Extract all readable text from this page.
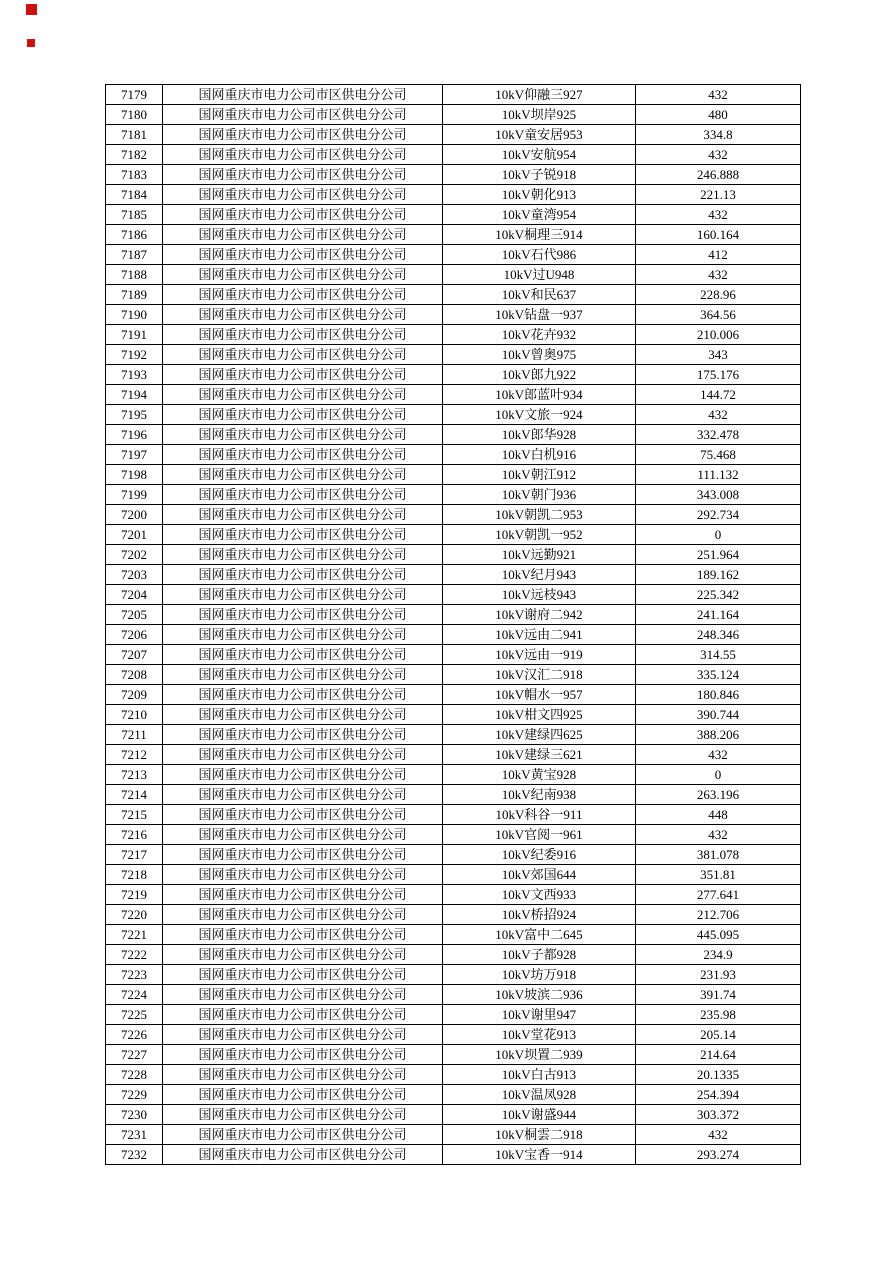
7179	国网重庆市电力公司市区供电分公司	10kV仰融三927	432
7180	国网重庆市电力公司市区供电分公司	10kV坝岸925	480
7181	国网重庆市电力公司市区供电分公司	10kV童安居953	334.8
7182	国网重庆市电力公司市区供电分公司	10kV安航954	432
7183	国网重庆市电力公司市区供电分公司	10kV子锐918	246.888
7184	国网重庆市电力公司市区供电分公司	10kV朝化913	221.13
7185	国网重庆市电力公司市区供电分公司	10kV童湾954	432
7186	国网重庆市电力公司市区供电分公司	10kV桐理三914	160.164
7187	国网重庆市电力公司市区供电分公司	10kV石代986	412
7188	国网重庆市电力公司市区供电分公司	10kV过U948	432
7189	国网重庆市电力公司市区供电分公司	10kV和民637	228.96
7190	国网重庆市电力公司市区供电分公司	10kV钻盘一937	364.56
7191	国网重庆市电力公司市区供电分公司	10kV花卉932	210.006
7192	国网重庆市电力公司市区供电分公司	10kV曾奥975	343
7193	国网重庆市电力公司市区供电分公司	10kV郎九922	175.176
7194	国网重庆市电力公司市区供电分公司	10kV郎蓝叶934	144.72
7195	国网重庆市电力公司市区供电分公司	10kV文旅一924	432
7196	国网重庆市电力公司市区供电分公司	10kV郎华928	332.478
7197	国网重庆市电力公司市区供电分公司	10kV白机916	75.468
7198	国网重庆市电力公司市区供电分公司	10kV朝江912	111.132
7199	国网重庆市电力公司市区供电分公司	10kV朝门936	343.008
7200	国网重庆市电力公司市区供电分公司	10kV朝凯二953	292.734
7201	国网重庆市电力公司市区供电分公司	10kV朝凯一952	0
7202	国网重庆市电力公司市区供电分公司	10kV远勤921	251.964
7203	国网重庆市电力公司市区供电分公司	10kV纪月943	189.162
7204	国网重庆市电力公司市区供电分公司	10kV远枝943	225.342
7205	国网重庆市电力公司市区供电分公司	10kV谢府二942	241.164
7206	国网重庆市电力公司市区供电分公司	10kV远由二941	248.346
7207	国网重庆市电力公司市区供电分公司	10kV远由一919	314.55
7208	国网重庆市电力公司市区供电分公司	10kV汉汇二918	335.124
7209	国网重庆市电力公司市区供电分公司	10kV帽水一957	180.846
7210	国网重庆市电力公司市区供电分公司	10kV柑文四925	390.744
7211	国网重庆市电力公司市区供电分公司	10kV建绿四625	388.206
7212	国网重庆市电力公司市区供电分公司	10kV建绿三621	432
7213	国网重庆市电力公司市区供电分公司	10kV黄宝928	0
7214	国网重庆市电力公司市区供电分公司	10kV纪南938	263.196
7215	国网重庆市电力公司市区供电分公司	10kV科谷一911	448
7216	国网重庆市电力公司市区供电分公司	10kV官阅一961	432
7217	国网重庆市电力公司市区供电分公司	10kV纪委916	381.078
7218	国网重庆市电力公司市区供电分公司	10kV郊国644	351.81
7219	国网重庆市电力公司市区供电分公司	10kV文西933	277.641
7220	国网重庆市电力公司市区供电分公司	10kV桥招924	212.706
7221	国网重庆市电力公司市区供电分公司	10kV富中二645	445.095
7222	国网重庆市电力公司市区供电分公司	10kV子都928	234.9
7223	国网重庆市电力公司市区供电分公司	10kV坊万918	231.93
7224	国网重庆市电力公司市区供电分公司	10kV坡滨二936	391.74
7225	国网重庆市电力公司市区供电分公司	10kV谢里947	235.98
7226	国网重庆市电力公司市区供电分公司	10kV堂花913	205.14
7227	国网重庆市电力公司市区供电分公司	10kV坝置二939	214.64
7228	国网重庆市电力公司市区供电分公司	10kV白古913	20.1335
7229	国网重庆市电力公司市区供电分公司	10kV温凤928	254.394
7230	国网重庆市电力公司市区供电分公司	10kV谢盛944	303.372
7231	国网重庆市电力公司市区供电分公司	10kV桐雲二918	432
7232	国网重庆市电力公司市区供电分公司	10kV宝香一914	293.274
